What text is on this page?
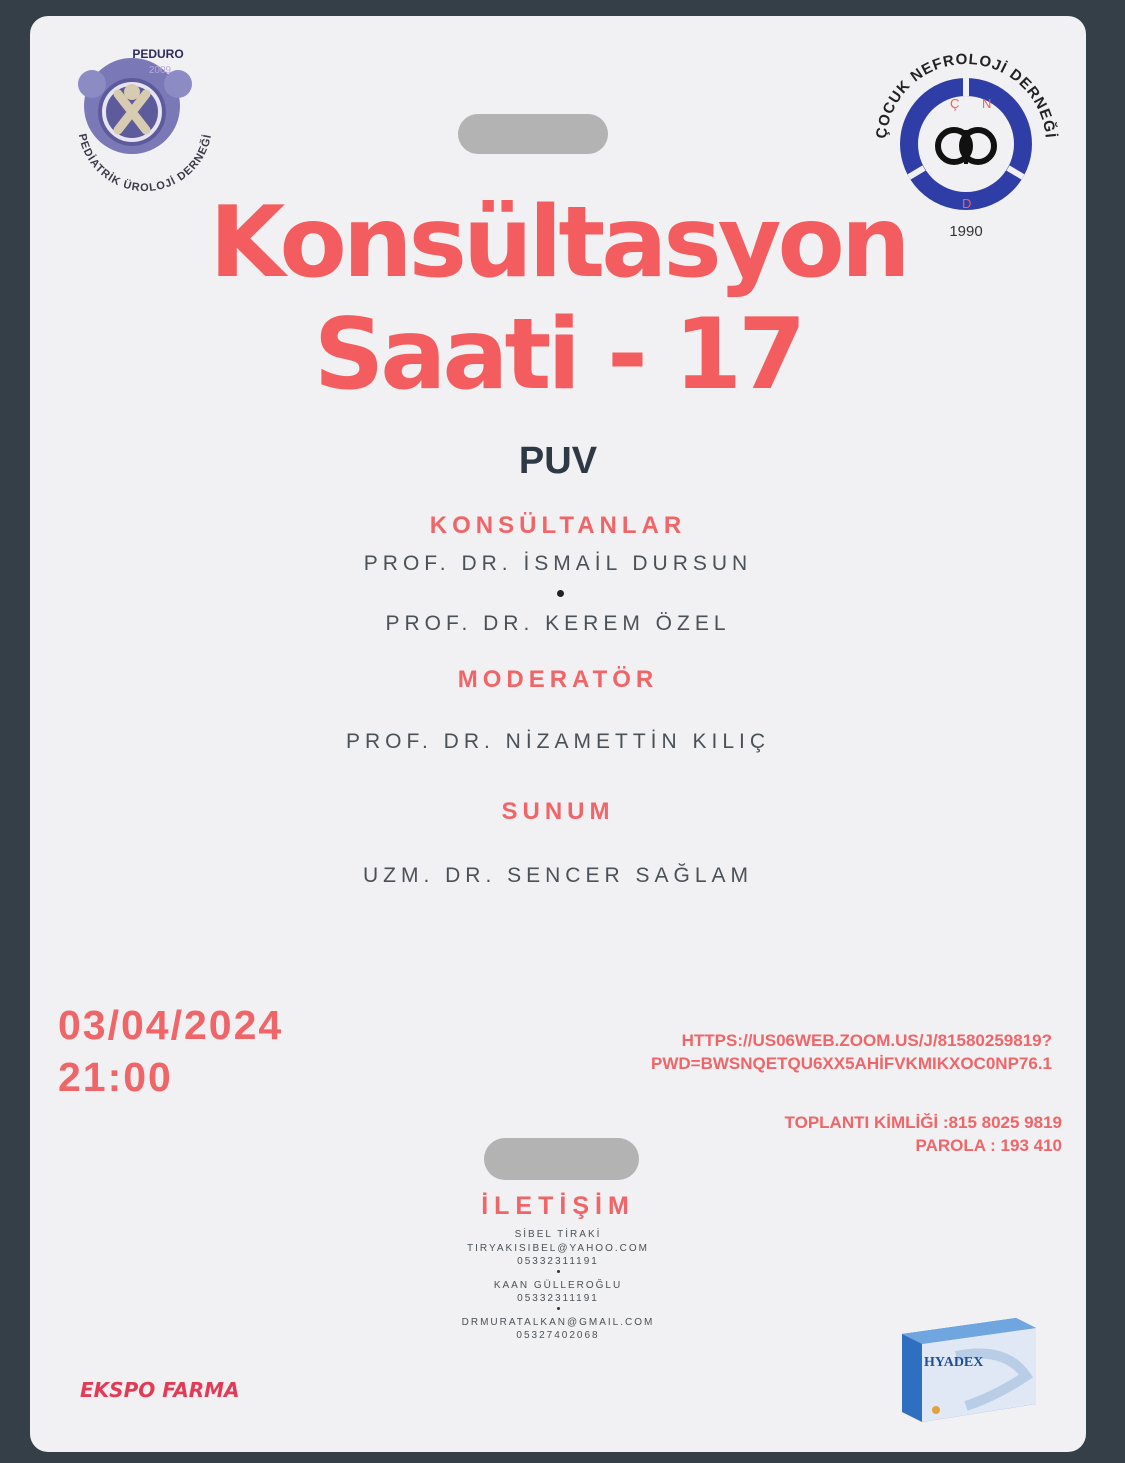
PEDURO
2009
PEDİATRİK ÜROLOJİ DERNEĞİ	ÇOCUK NEFROLOJİ DERNEĞİ
Ç N
D
1990
Konsültasyon
Saati - 17
PUV
KONSÜLTANLAR
PROF. DR. İSMAİL DURSUN
PROF. DR. KEREM ÖZEL
MODERATÖR
PROF. DR. NİZAMETTİN KILIÇ
SUNUM
UZM. DR. SENCER SAĞLAM
03/04/2024
21:00
HTTPS://US06WEB.ZOOM.US/J/81580259819?
PWD=BWSNQETQU6XX5AHİFVKMIKXOC0NP76.1
TOPLANTI KİMLİĞİ :815 8025 9819
PAROLA : 193 410
İLETİŞİM
SİBEL TİRAKİ
TIRYAKISIBEL@YAHOO.COM
05332311191
KAAN GÜLLEROĞLU
05332311191
DRMURATALKAN@GMAIL.COM
05327402068
EKSPO FARMA
HYADEX
